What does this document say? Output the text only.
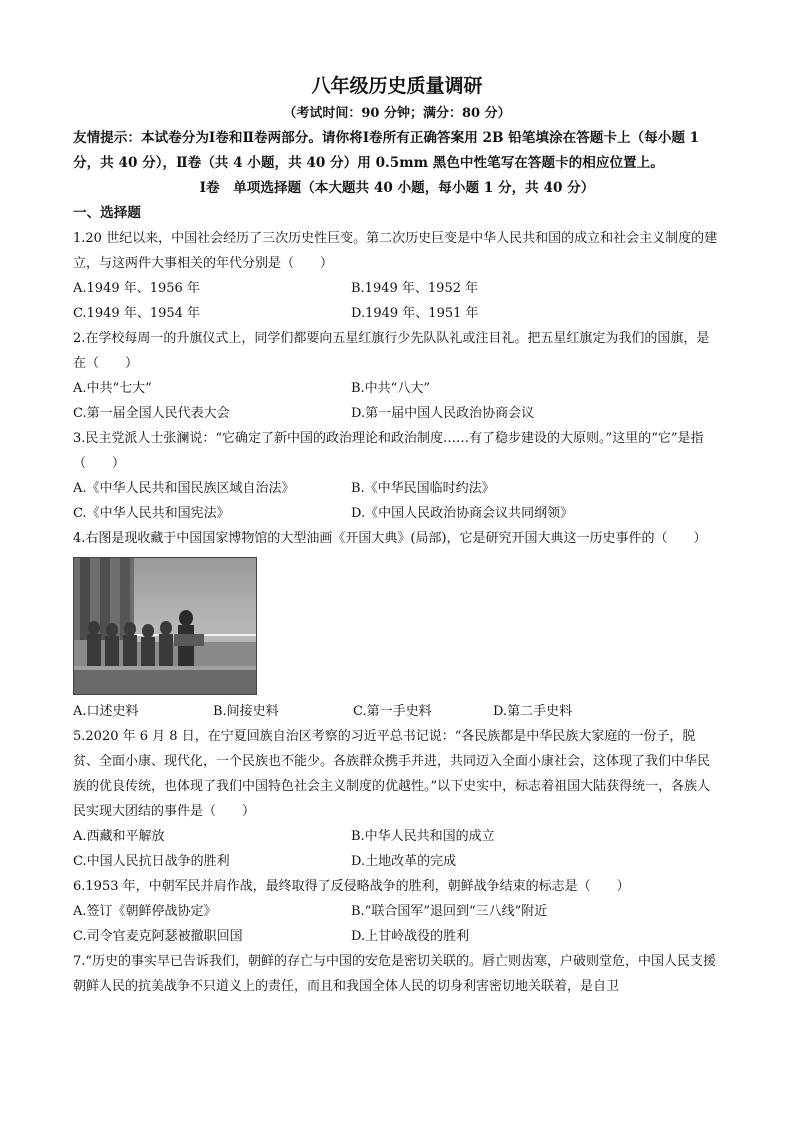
八年级历史质量调研
（考试时间：90 分钟；满分：80 分）
友情提示：本试卷分为Ⅰ卷和Ⅱ卷两部分。请你将Ⅰ卷所有正确答案用 2B 铅笔填涂在答题卡上（每小题 1 分，共 40 分），Ⅱ卷（共 4 小题，共 40 分）用 0.5mm 黑色中性笔写在答题卡的相应位置上。
Ⅰ卷　单项选择题（本大题共 40 小题，每小题 1 分，共 40 分）
一、选择题
1.20 世纪以来，中国社会经历了三次历史性巨变。第二次历史巨变是中华人民共和国的成立和社会主义制度的建立，与这两件大事相关的年代分别是（　　）
A.1949 年、1956 年	B.1949 年、1952 年
C.1949 年、1954 年	D.1949 年、1951 年
2.在学校每周一的升旗仪式上，同学们都要向五星红旗行少先队队礼或注目礼。把五星红旗定为我们的国旗，是在（　　）
A.中共“七大”	B.中共“八大”
C.第一届全国人民代表大会	D.第一届中国人民政治协商会议
3.民主党派人士张澜说：“它确定了新中国的政治理论和政治制度……有了稳步建设的大原则。”这里的“它”是指（　　）
A.《中华人民共和国民族区域自治法》	B.《中华民国临时约法》
C.《中华人民共和国宪法》	D.《中国人民政治协商会议共同纲领》
4.右图是现收藏于中国国家博物馆的大型油画《开国大典》(局部)，它是研究开国大典这一历史事件的（　　）
A.口述史料	B.间接史料	C.第一手史料	D.第二手史料
5.2020 年 6 月 8 日，在宁夏回族自治区考察的习近平总书记说：“各民族都是中华民族大家庭的一份子，脱贫、全面小康、现代化，一个民族也不能少。各族群众携手并进，共同迈入全面小康社会，这体现了我们中华民族的优良传统，也体现了我们中国特色社会主义制度的优越性。”以下史实中，标志着祖国大陆获得统一，各族人民实现大团结的事件是（　　）
A.西藏和平解放	B.中华人民共和国的成立
C.中国人民抗日战争的胜利	D.土地改革的完成
6.1953 年，中朝军民并肩作战，最终取得了反侵略战争的胜利，朝鲜战争结束的标志是（　　）
A.签订《朝鲜停战协定》	B.“联合国军”退回到“三八线”附近
C.司令官麦克阿瑟被撤职回国	D.上甘岭战役的胜利
7.“历史的事实早已告诉我们，朝鲜的存亡与中国的安危是密切关联的。唇亡则齿寒，户破则堂危，中国人民支援朝鲜人民的抗美战争不只道义上的责任，而且和我国全体人民的切身利害密切地关联着，是自卫
